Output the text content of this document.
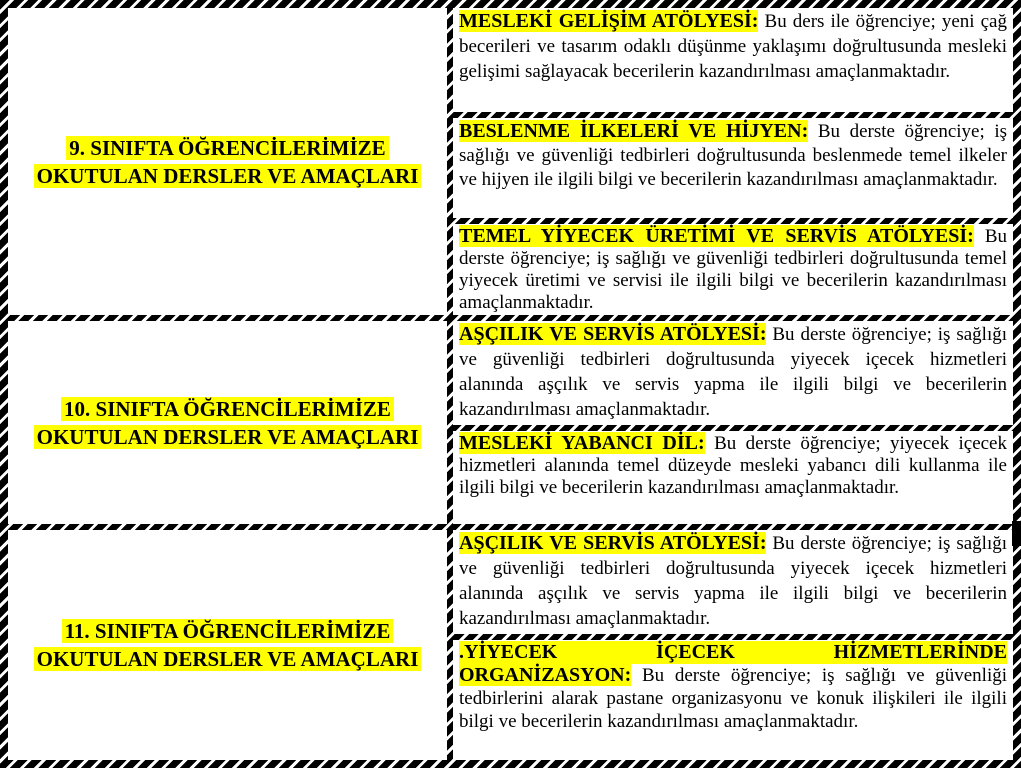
9. SINIFTA ÖĞRENCİLERİMİZE
OKUTULAN DERSLER VE AMAÇLARI

MESLEKİ GELİŞİM ATÖLYESİ: Bu ders ile öğrenciye; yeni çağ becerileri ve tasarım odaklı düşünme yaklaşımı doğrultusunda mesleki gelişimi sağlayacak becerilerin kazandırılması amaçlanmaktadır.

BESLENME İLKELERİ VE HİJYEN: Bu derste öğrenciye; iş sağlığı ve güvenliği tedbirleri doğrultusunda beslenmede temel ilkeler ve hijyen ile ilgili bilgi ve becerilerin kazandırılması amaçlanmaktadır.

TEMEL YİYECEK ÜRETİMİ VE SERVİS ATÖLYESİ: Bu derste öğrenciye; iş sağlığı ve güvenliği tedbirleri doğrultusunda temel yiyecek üretimi ve servisi ile ilgili bilgi ve becerilerin kazandırılması amaçlanmaktadır.

10. SINIFTA ÖĞRENCİLERİMİZE
OKUTULAN DERSLER VE AMAÇLARI

AŞÇILIK VE SERVİS ATÖLYESİ: Bu derste öğrenciye; iş sağlığı ve güvenliği tedbirleri doğrultusunda yiyecek içecek hizmetleri alanında aşçılık ve servis yapma ile ilgili bilgi ve becerilerin kazandırılması amaçlanmaktadır.

MESLEKİ YABANCI DİL: Bu derste öğrenciye; yiyecek içecek hizmetleri alanında temel düzeyde mesleki yabancı dili kullanma ile ilgili bilgi ve becerilerin kazandırılması amaçlanmaktadır.

11. SINIFTA ÖĞRENCİLERİMİZE
OKUTULAN DERSLER VE AMAÇLARI

AŞÇILIK VE SERVİS ATÖLYESİ: Bu derste öğrenciye; iş sağlığı ve güvenliği tedbirleri doğrultusunda yiyecek içecek hizmetleri alanında aşçılık ve servis yapma ile ilgili bilgi ve becerilerin kazandırılması amaçlanmaktadır.

.YİYECEK İÇECEK HİZMETLERİNDE
ORGANİZASYON: Bu derste öğrenciye; iş sağlığı ve güvenliği tedbirlerini alarak pastane organizasyonu ve konuk ilişkileri ile ilgili bilgi ve becerilerin kazandırılması amaçlanmaktadır.
